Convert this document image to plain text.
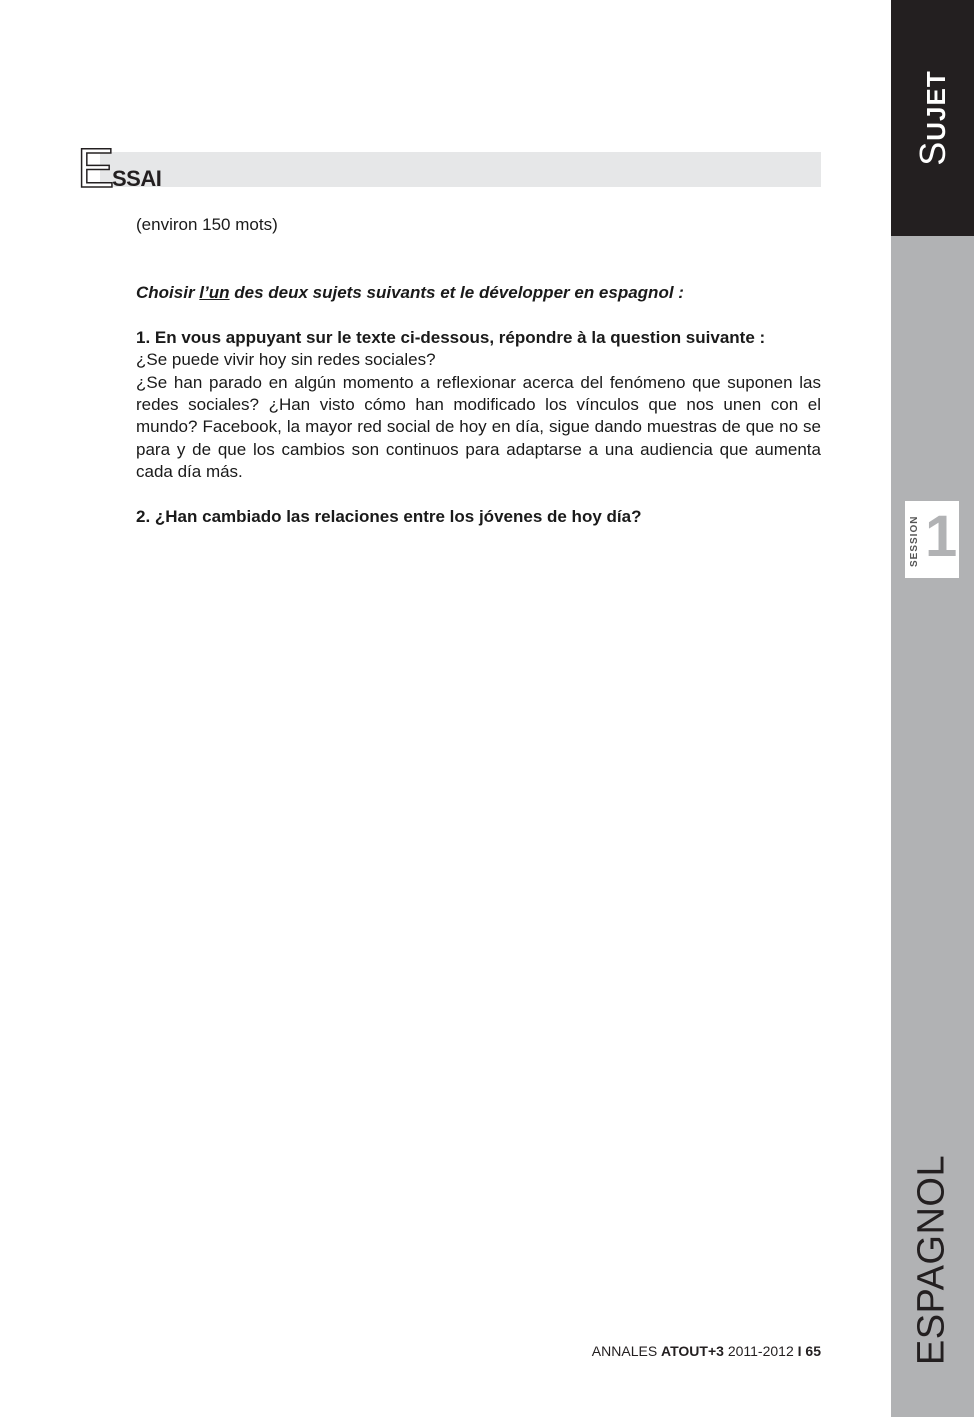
SUJET
SESSION 1
ESPAGNOL
E
SSAI

(environ 150 mots)

Choisir l’un des deux sujets suivants et le développer en espagnol :

1. En vous appuyant sur le texte ci-dessous, répondre à la question suivante :

¿Se puede vivir hoy sin redes sociales?

¿Se han parado en algún momento a reflexionar acerca del fenómeno que suponen las redes sociales? ¿Han visto cómo han modificado los vínculos que nos unen con el mundo? Facebook, la mayor red social de hoy en día, sigue dando muestras de que no se para y de que los cambios son continuos para adaptarse a una audiencia que aumenta cada día más.

2. ¿Han cambiado las relaciones entre los jóvenes de hoy día?

ANNALES ATOUT+3 2011-2012 I 65
